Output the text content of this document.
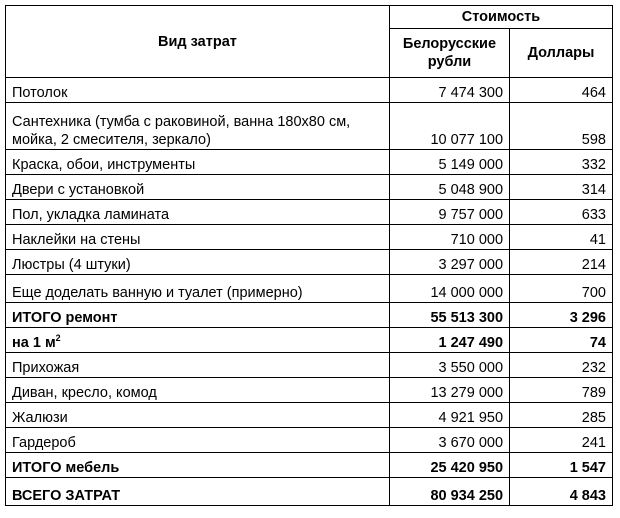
Вид затрат	Стоимость	
	Белорусские рубли	Доллары
Потолок	7 474 300	464
Сантехника (тумба с раковиной, ванна 180х80 см, мойка, 2 смесителя, зеркало)	10 077 100	598
Краска, обои, инструменты	5 149 000	332
Двери с установкой	5 048 900	314
Пол, укладка ламината	9 757 000	633
Наклейки на стены	710 000	41
Люстры (4 штуки)	3 297 000	214
Еще доделать ванную и туалет (примерно)	14 000 000	700
ИТОГО ремонт	55 513 300	3 296
на 1 $м^2$	1 247 490	74
Прихожая	3 550 000	232
Диван, кресло, комод	13 279 000	789
Жалюзи	4 921 950	285
Гардероб	3 670 000	241
ИТОГО мебель	25 420 950	1 547
ВСЕГО ЗАТРАТ	80 934 250	4 843
